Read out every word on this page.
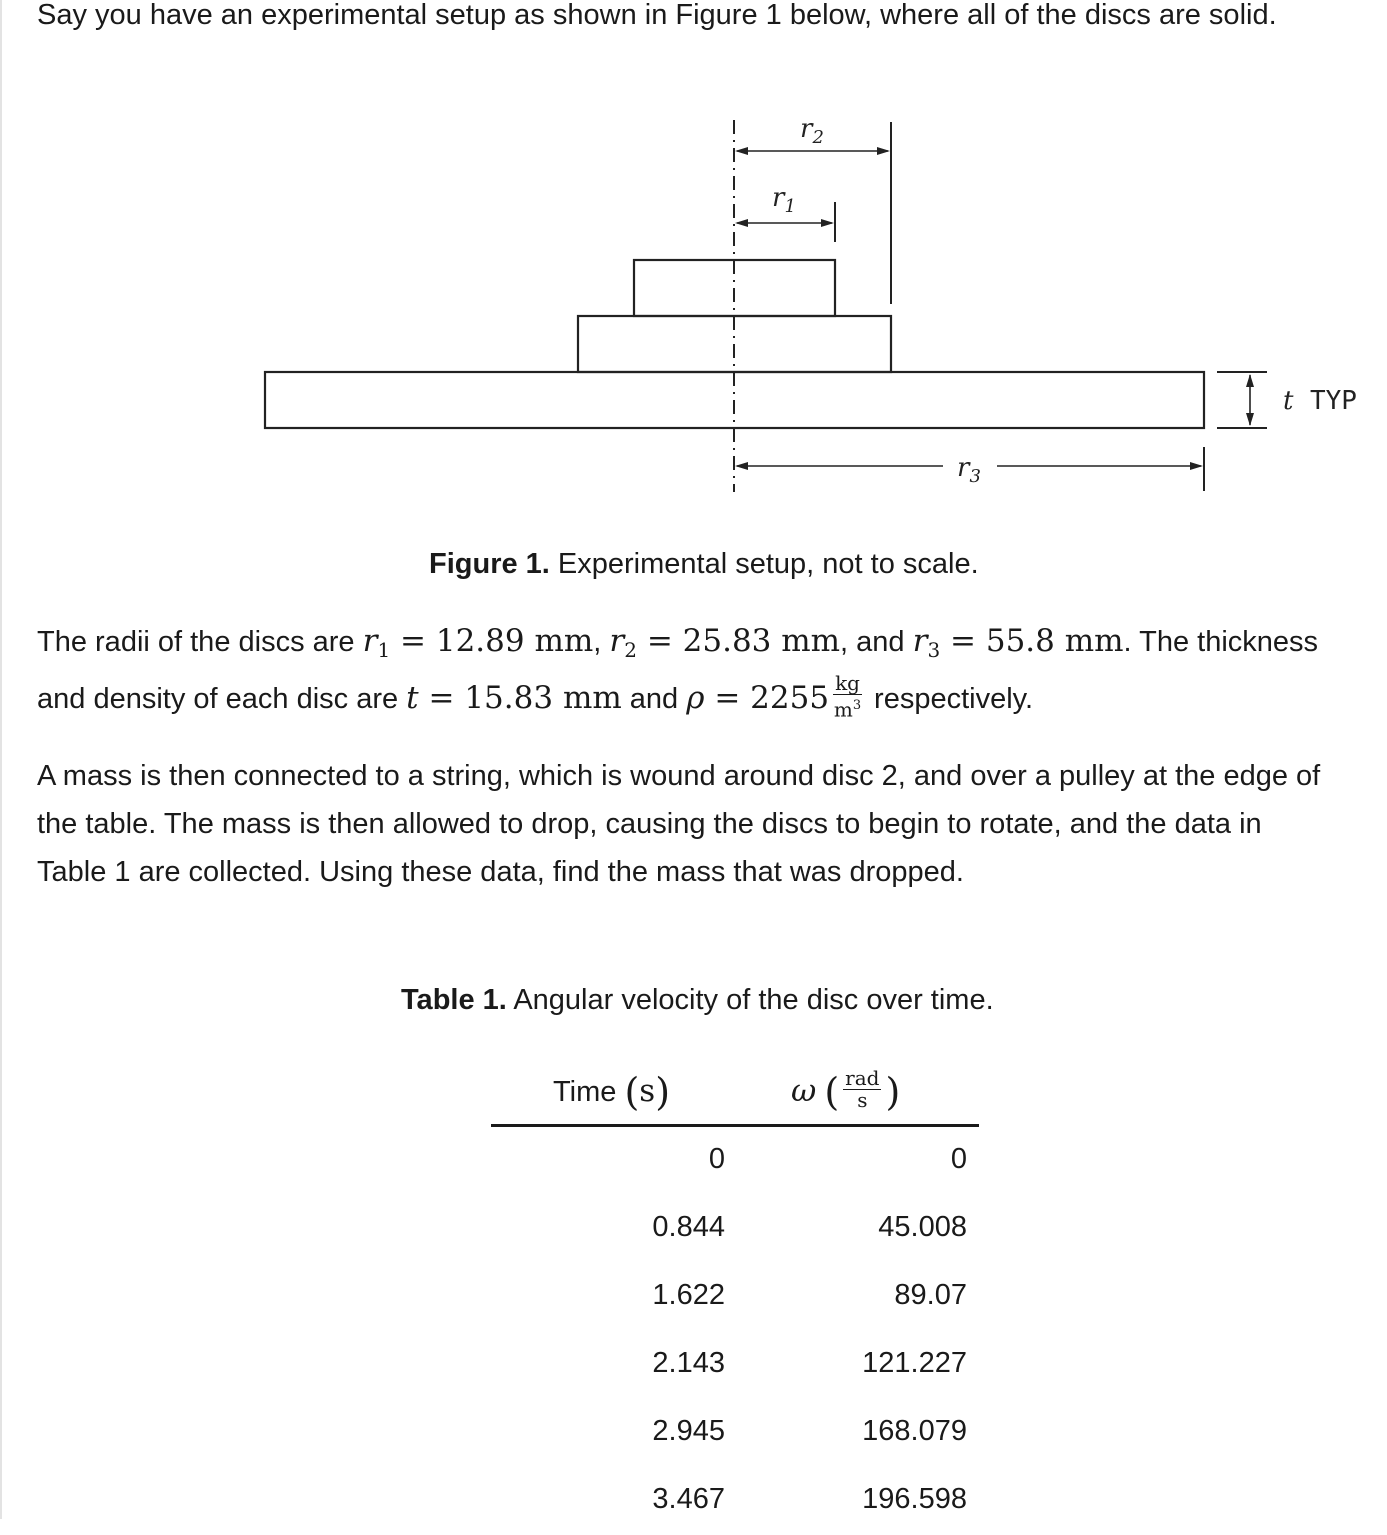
Say you have an experimental setup as shown in Figure 1 below, where all of the discs are solid.

$r_2$
$r_1$
$r_3$
t TYP
Figure 1. Experimental setup, not to scale.

The radii of the discs are $r_1 = 12.89$ mm, $r_2 = 25.83$ mm, and $r_3 = 55.8$ mm. The thickness and density of each disc are t = 15.83 mm and $\rho = 2255 \frac{kg}{m^3}$ respectively.

A mass is then connected to a string, which is wound around disc 2, and over a pulley at the edge of the table. The mass is then allowed to drop, causing the discs to begin to rotate, and the data in Table 1 are collected. Using these data, find the mass that was dropped.

Table 1. Angular velocity of the disc over time.
Time (s)	ω ( $\frac{\text{rad}}{s}$ )
0	0
0.844	45.008
1.622	89.07
2.143	121.227
2.945	168.079
3.467	196.598
